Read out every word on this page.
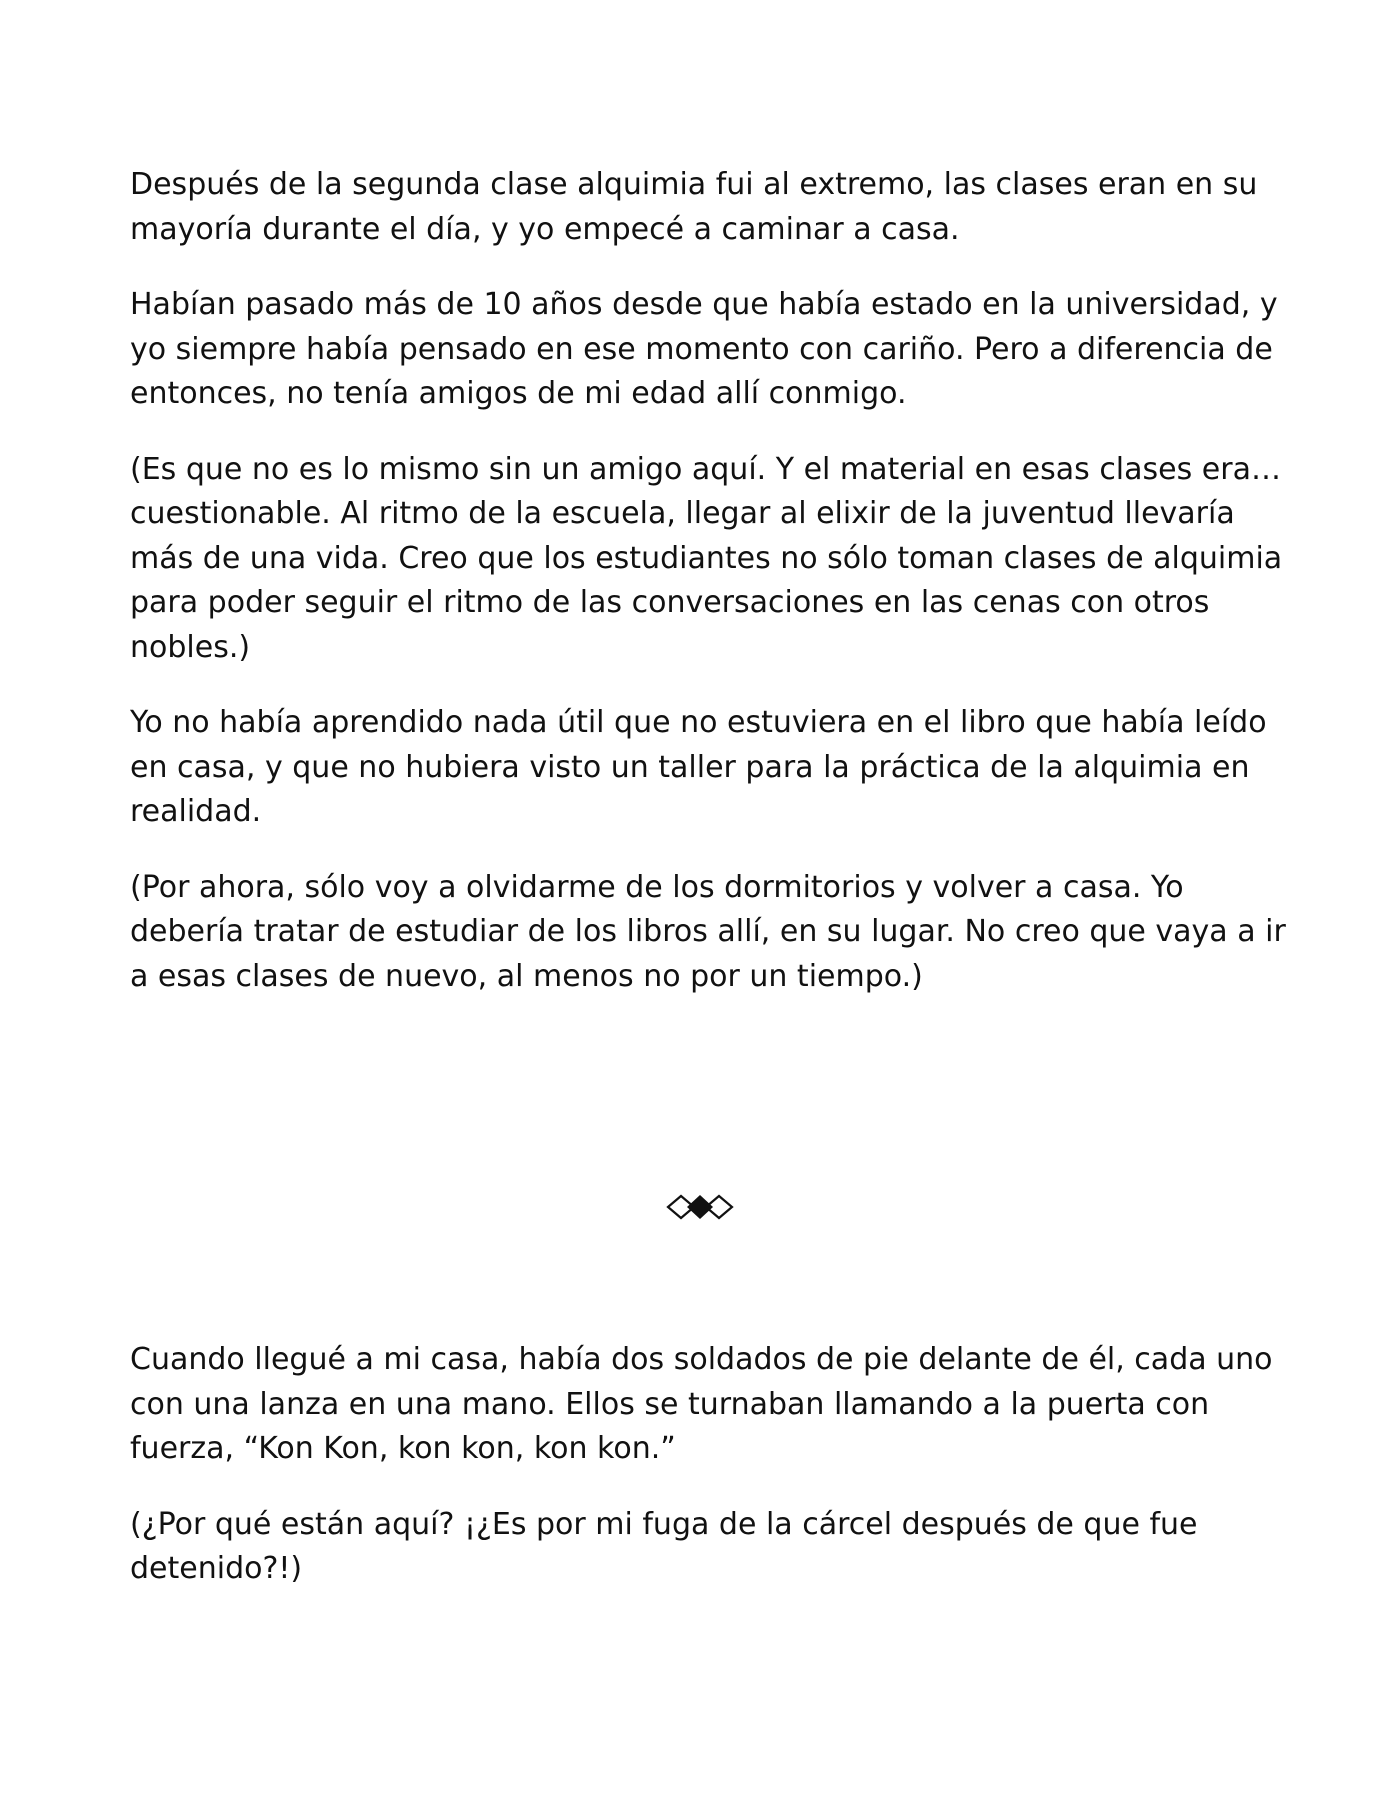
Después de la segunda clase alquimia fui al extremo, las clases eran en su mayoría durante el día, y yo empecé a caminar a casa.

Habían pasado más de 10 años desde que había estado en la universidad, y yo siempre había pensado en ese momento con cariño. Pero a diferencia de entonces, no tenía amigos de mi edad allí conmigo.

(Es que no es lo mismo sin un amigo aquí. Y el material en esas clases era… cuestionable. Al ritmo de la escuela, llegar al elixir de la juventud llevaría más de una vida. Creo que los estudiantes no sólo toman clases de alquimia para poder seguir el ritmo de las conversaciones en las cenas con otros nobles.)

Yo no había aprendido nada útil que no estuviera en el libro que había leído en casa, y que no hubiera visto un taller para la práctica de la alquimia en realidad.

(Por ahora, sólo voy a olvidarme de los dormitorios y volver a casa. Yo debería tratar de estudiar de los libros allí, en su lugar. No creo que vaya a ir a esas clases de nuevo, al menos no por un tiempo.)

Cuando llegué a mi casa, había dos soldados de pie delante de él, cada uno con una lanza en una mano. Ellos se turnaban llamando a la puerta con fuerza, “Kon Kon, kon kon, kon kon.”

(¿Por qué están aquí? ¡¿Es por mi fuga de la cárcel después de que fue detenido?!)
